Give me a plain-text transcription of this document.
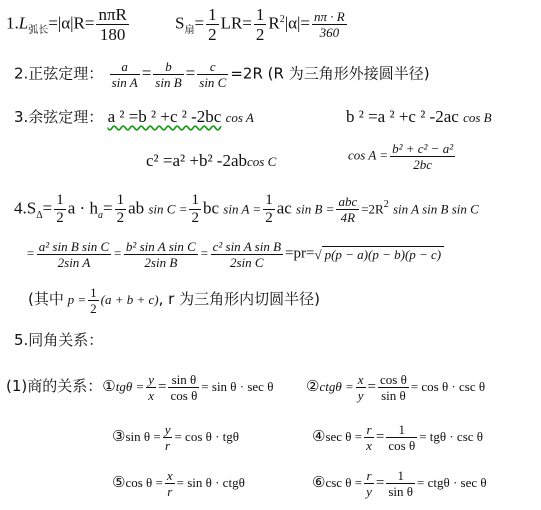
$1.L_{弧长}=|\alpha|R= \frac{\text{nπR}}{180}$	$S_扇= \frac{1}{2} LR= \frac{1}{2} R^2|\alpha|= \frac{n\pi \cdot R}{360}$
2.正弦定理： $\frac{a}{\text{sin A}} = \frac{b}{\text{sin B}} = \frac{c}{\text{sin C}} =2R$ (R 为三角形外接圆半径)
3.余弦定理： a ² =b ² +c ² -2bc cos A	b ² =a ² +c ² -2ac cos B
c² =a² +b² -2abcos C	$\cos A = \frac{\text{b² + c² − a²}}{2bc}$
$4.S_\Delta= \frac{1}{2}$ $a \cdot h_a= \frac{1}{2}$ ab $\sin C = \frac{1}{2}$ bc $\sin A = \frac{1}{2}$ ac $\sin B = \frac{\text{abc}}{4R} =2R^2$ sin A sin B sin C
= $\frac{\text{a² sin B sin C}}{\text{2sin A}} = \frac{\text{b² sin A sin C}}{\text{2sin B}} = \frac{\text{c² sin A sin B}}{\text{2sin C}} =pr=√$ p(p − a)(p − b)(p − c)
(其中 $p = \frac{1}{2} (a + b + c)$, r 为三角形内切圆半径)
5.同角关系：
(1)商的关系：①tgθ = $\frac{y}{x} = \frac{\text{sin θ}}{\text{cos θ}} = \sin \theta \cdot \sec \theta$ ②ctgθ = $\frac{x}{y} = \frac{\text{cos θ}}{\text{sin θ}} = \cos \theta \cdot \csc \theta$
③sin $\theta = \frac{y}{r} = \cos \theta \cdot tg\theta$	④sec $\theta = \frac{r}{x} = \frac{1}{\text{cos θ}} = tg\theta \cdot \csc \theta$
⑤cos $\theta = \frac{x}{r} = \sin \theta \cdot ctg\theta$	⑥csc $\theta = \frac{r}{y} = \frac{1}{\text{sin θ}} = ctg\theta \cdot \sec \theta$
